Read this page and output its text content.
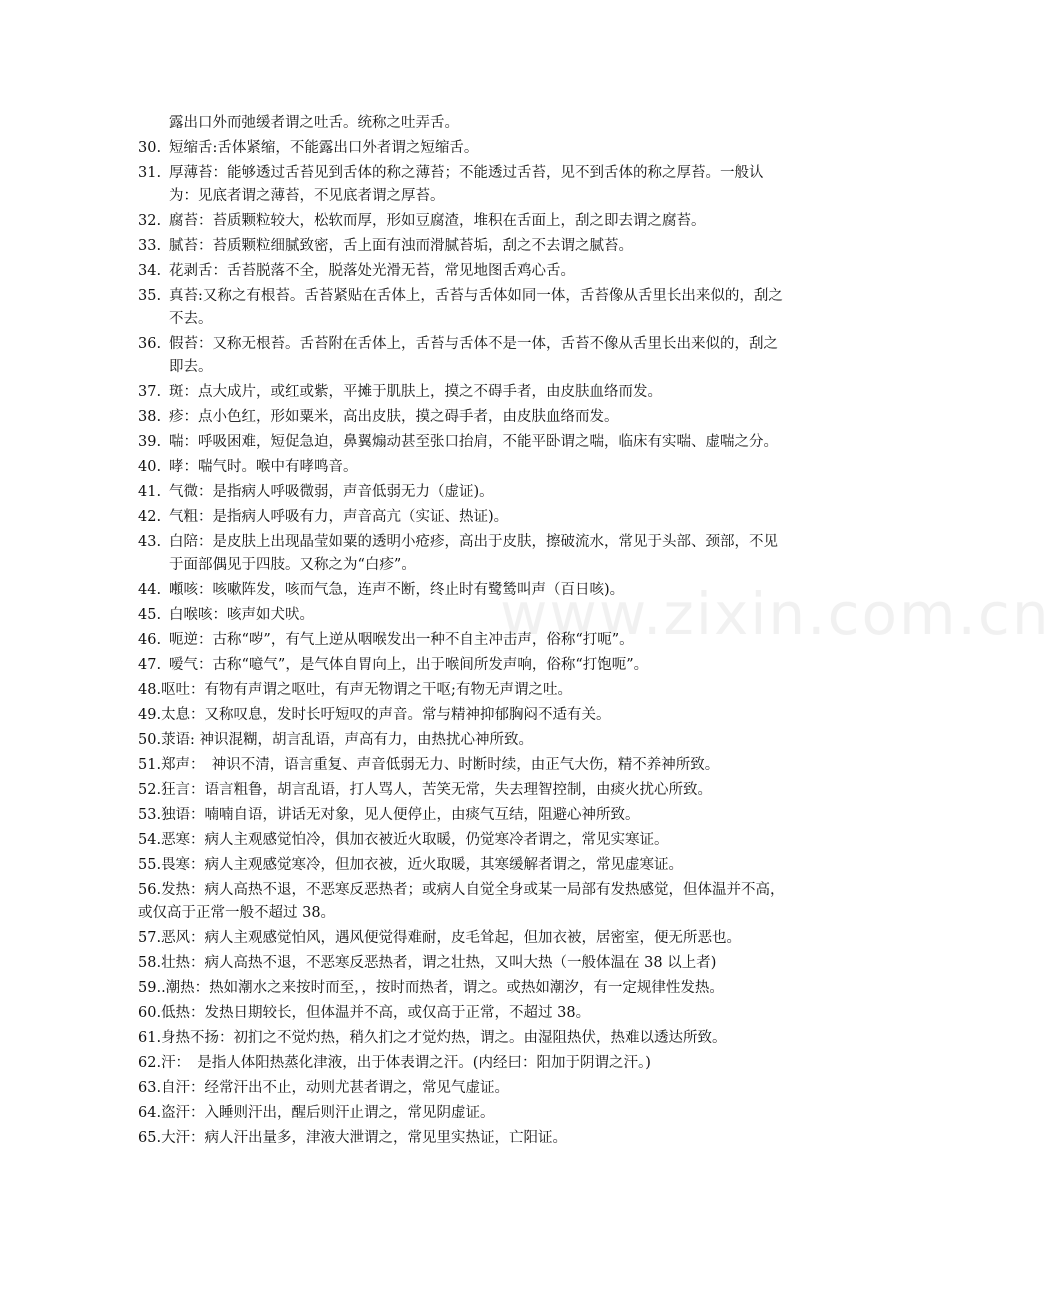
www.zixin.com.cn
露出口外而弛缓者谓之吐舌。统称之吐弄舌。
30. 短缩舌:舌体紧缩，不能露出口外者谓之短缩舌。
31. 厚薄苔：能够透过舌苔见到舌体的称之薄苔；不能透过舌苔，见不到舌体的称之厚苔。一般认为：见底者谓之薄苔，不见底者谓之厚苔。
32. 腐苔：苔质颗粒较大，松软而厚，形如豆腐渣，堆积在舌面上，刮之即去谓之腐苔。
33. 腻苔：苔质颗粒细腻致密，舌上面有浊而滑腻苔垢，刮之不去谓之腻苔。
34. 花剥舌：舌苔脱落不全，脱落处光滑无苔，常见地图舌鸡心舌。
35. 真苔:又称之有根苔。舌苔紧贴在舌体上，舌苔与舌体如同一体，舌苔像从舌里长出来似的，刮之不去。
36. 假苔：又称无根苔。舌苔附在舌体上，舌苔与舌体不是一体，舌苔不像从舌里长出来似的，刮之即去。
37. 斑：点大成片，或红或紫，平摊于肌肤上，摸之不碍手者，由皮肤血络而发。
38. 疹：点小色红，形如粟米，高出皮肤，摸之碍手者，由皮肤血络而发。
39. 喘：呼吸困难，短促急迫，鼻翼煽动甚至张口抬肩，不能平卧谓之喘，临床有实喘、虚喘之分。
40. 哮：喘气时。喉中有哮鸣音。
41. 气微：是指病人呼吸微弱，声音低弱无力（虚证)。
42. 气粗：是指病人呼吸有力，声音高亢（实证、热证)。
43. 白陪：是皮肤上出现晶莹如粟的透明小疮疹，高出于皮肤，擦破流水，常见于头部、颈部，不见于面部偶见于四肢。又称之为“白疹”。
44. 噸咳：咳嗽阵发，咳而气急，连声不断，终止时有鹭鸶叫声（百日咳)。
45. 白喉咳：咳声如犬吠。
46. 呃逆：古称“哕”，有气上逆从咽喉发出一种不自主冲击声，俗称“打呃”。
47. 嗳气：古称“噫气”，是气体自胃向上，出于喉间所发声响，俗称“打饱呃”。
48.呕吐：有物有声谓之呕吐，有声无物谓之干呕;有物无声谓之吐。
49.太息：又称叹息，发时长吁短叹的声音。常与精神抑郁胸闷不适有关。
50.莍语: 神识混糊，胡言乱语，声高有力，由热扰心神所致。
51.郑声：　神识不清，语言重复、声音低弱无力、时断时续，由正气大伤，精不养神所致。
52.狂言：语言粗鲁，胡言乱语，打人骂人，苦笑无常，失去理智控制，由痰火扰心所致。
53.独语：喃喃自语，讲话无对象，见人便停止，由痰气互结，阻避心神所致。
54.恶寒：病人主观感觉怕冷，俱加衣被近火取暖，仍觉寒冷者谓之，常见实寒证。
55.畏寒：病人主观感觉寒冷，但加衣被，近火取暖，其寒缓解者谓之，常见虚寒证。
56.发热：病人高热不退，不恶寒反恶热者；或病人自觉全身或某一局部有发热感觉，但体温并不高，或仅高于正常一般不超过 38。
57.恶风：病人主观感觉怕风，遇风便觉得难耐，皮毛耸起，但加衣被，居密室，便无所恶也。
58.壮热：病人高热不退，不恶寒反恶热者，谓之壮热，又叫大热（一般体温在 38 以上者)
59..潮热：热如潮水之来按时而至，，按时而热者，谓之。或热如潮汐，有一定规律性发热。
60.低热：发热日期较长，但体温并不高，或仅高于正常，不超过 38。
61.身热不扬：初扪之不觉灼热，稍久扪之才觉灼热，谓之。由湿阻热伏，热难以透达所致。
62.汗：　是指人体阳热蒸化津液，出于体表谓之汗。(内经曰：阳加于阴谓之汗。)
63.自汗：经常汗出不止，动则尤甚者谓之，常见气虚证。
64.盗汗：入睡则汗出，醒后则汗止谓之，常见阴虚证。
65.大汗：病人汗出量多，津液大泄谓之，常见里实热证，亡阳证。
